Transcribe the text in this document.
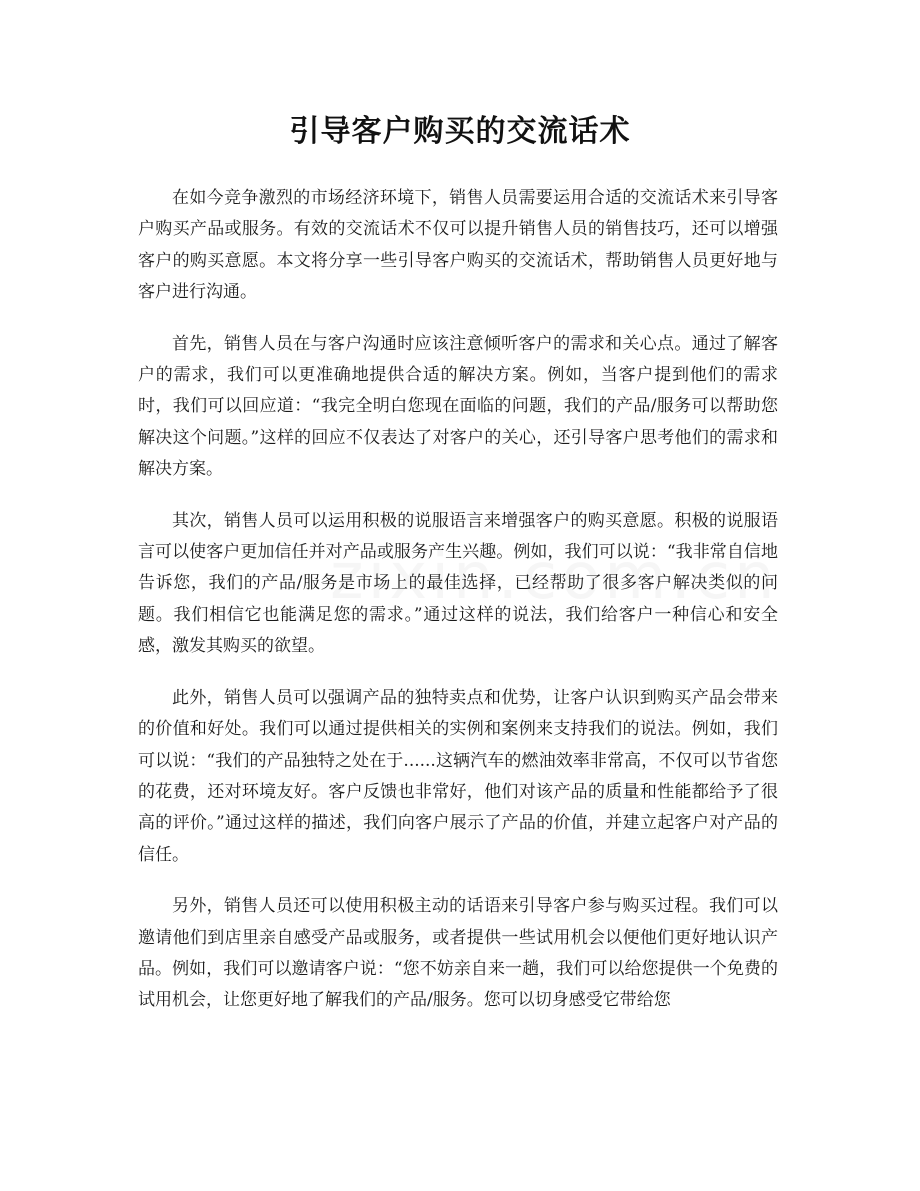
引导客户购买的交流话术

在如今竞争激烈的市场经济环境下，销售人员需要运用合适的交流话术来引导客户购买产品或服务。有效的交流话术不仅可以提升销售人员的销售技巧，还可以增强客户的购买意愿。本文将分享一些引导客户购买的交流话术，帮助销售人员更好地与客户进行沟通。

首先，销售人员在与客户沟通时应该注意倾听客户的需求和关心点。通过了解客户的需求，我们可以更准确地提供合适的解决方案。例如，当客户提到他们的需求时，我们可以回应道：“我完全明白您现在面临的问题，我们的产品/服务可以帮助您解决这个问题。”这样的回应不仅表达了对客户的关心，还引导客户思考他们的需求和解决方案。

其次，销售人员可以运用积极的说服语言来增强客户的购买意愿。积极的说服语言可以使客户更加信任并对产品或服务产生兴趣。例如，我们可以说：“我非常自信地告诉您，我们的产品/服务是市场上的最佳选择，已经帮助了很多客户解决类似的问题。我们相信它也能满足您的需求。”通过这样的说法，我们给客户一种信心和安全感，激发其购买的欲望。

此外，销售人员可以强调产品的独特卖点和优势，让客户认识到购买产品会带来的价值和好处。我们可以通过提供相关的实例和案例来支持我们的说法。例如，我们可以说：“我们的产品独特之处在于......这辆汽车的燃油效率非常高，不仅可以节省您的花费，还对环境友好。客户反馈也非常好，他们对该产品的质量和性能都给予了很高的评价。”通过这样的描述，我们向客户展示了产品的价值，并建立起客户对产品的信任。

另外，销售人员还可以使用积极主动的话语来引导客户参与购买过程。我们可以邀请他们到店里亲自感受产品或服务，或者提供一些试用机会以便他们更好地认识产品。例如，我们可以邀请客户说：“您不妨亲自来一趟，我们可以给您提供一个免费的试用机会，让您更好地了解我们的产品/服务。您可以切身感受它带给您
